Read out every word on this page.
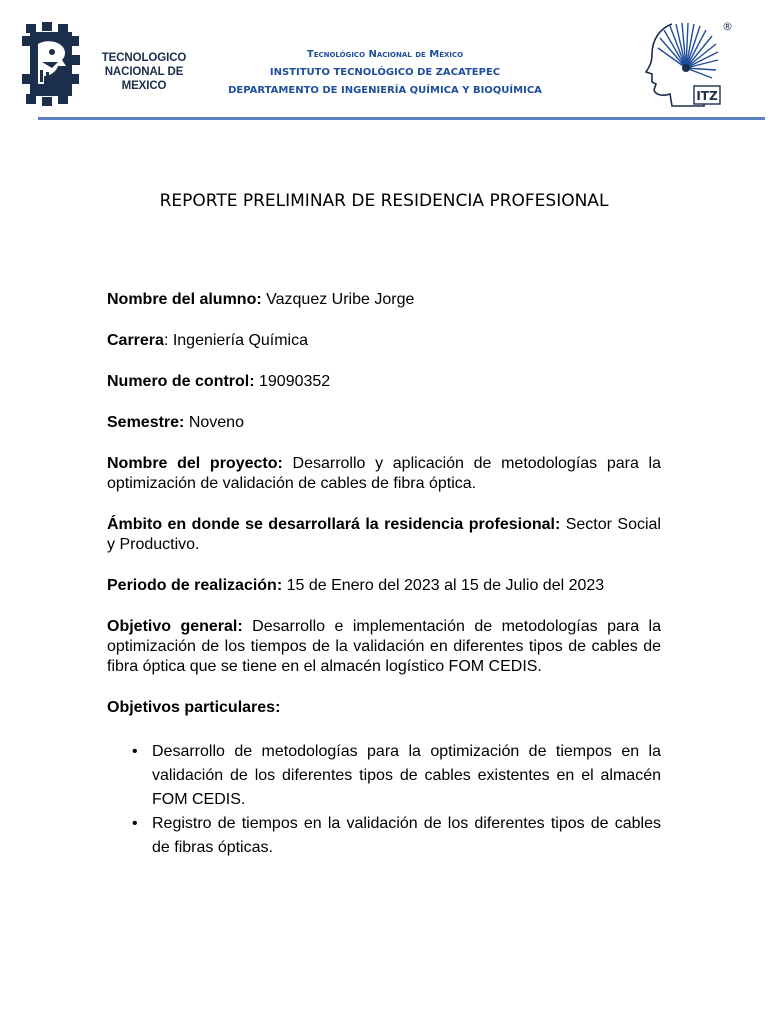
TECNOLOGICO
NACIONAL DE MEXICO
Tecnológico Nacional de México
INSTITUTO TECNOLÓGICO DE ZACATEPEC
DEPARTAMENTO DE INGENIERÍA QUÍMICA Y BIOQUÍMICA	ITZ
®
REPORTE PRELIMINAR DE RESIDENCIA PROFESIONAL
Nombre del alumno: Vazquez Uribe Jorge
Carrera: Ingeniería Química
Numero de control: 19090352
Semestre: Noveno
Nombre del proyecto: Desarrollo y aplicación de metodologías para la optimización de validación de cables de fibra óptica.
Ámbito en donde se desarrollará la residencia profesional: Sector Social y Productivo.
Periodo de realización: 15 de Enero del 2023 al 15 de Julio del 2023
Objetivo general: Desarrollo e implementación de metodologías para la optimización de los tiempos de la validación en diferentes tipos de cables de fibra óptica que se tiene en el almacén logístico FOM CEDIS.
Objetivos particulares:
• Desarrollo de metodologías para la optimización de tiempos en la validación de los diferentes tipos de cables existentes en el almacén FOM CEDIS.
• Registro de tiempos en la validación de los diferentes tipos de cables de fibras ópticas.
